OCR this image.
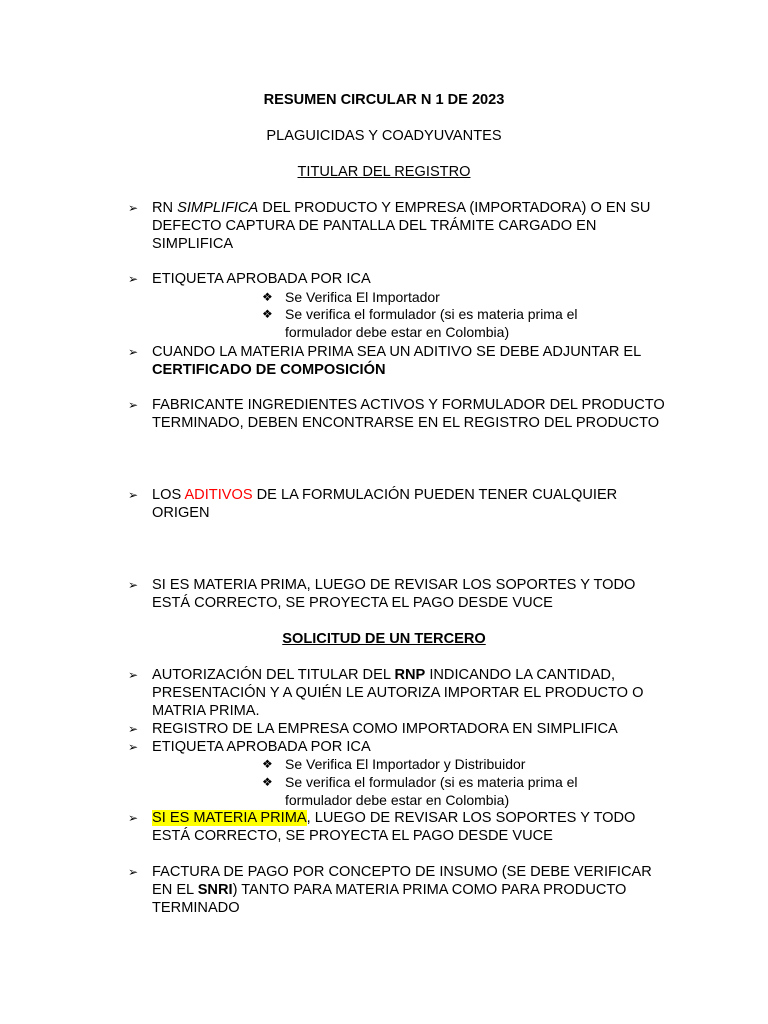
RESUMEN CIRCULAR N 1 DE 2023
PLAGUICIDAS Y COADYUVANTES
TITULAR DEL REGISTRO
➢ RN SIMPLIFICA DEL PRODUCTO Y EMPRESA (IMPORTADORA) O EN SU DEFECTO CAPTURA DE PANTALLA DEL TRÁMITE CARGADO EN SIMPLIFICA
➢ ETIQUETA APROBADA POR ICA
❖ Se Verifica El Importador
❖ Se verifica el formulador (si es materia prima el formulador debe estar en Colombia)
➢ CUANDO LA MATERIA PRIMA SEA UN ADITIVO SE DEBE ADJUNTAR EL CERTIFICADO DE COMPOSICIÓN
➢ FABRICANTE INGREDIENTES ACTIVOS Y FORMULADOR DEL PRODUCTO TERMINADO, DEBEN ENCONTRARSE EN EL REGISTRO DEL PRODUCTO
➢ LOS ADITIVOS DE LA FORMULACIÓN PUEDEN TENER CUALQUIER ORIGEN
➢ SI ES MATERIA PRIMA, LUEGO DE REVISAR LOS SOPORTES Y TODO ESTÁ CORRECTO, SE PROYECTA EL PAGO DESDE VUCE
SOLICITUD DE UN TERCERO
➢ AUTORIZACIÓN DEL TITULAR DEL RNP INDICANDO LA CANTIDAD, PRESENTACIÓN Y A QUIÉN LE AUTORIZA IMPORTAR EL PRODUCTO O MATRIA PRIMA.
➢ REGISTRO DE LA EMPRESA COMO IMPORTADORA EN SIMPLIFICA
➢ ETIQUETA APROBADA POR ICA
❖ Se Verifica El Importador y Distribuidor
❖ Se verifica el formulador (si es materia prima el formulador debe estar en Colombia)
➢ SI ES MATERIA PRIMA, LUEGO DE REVISAR LOS SOPORTES Y TODO ESTÁ CORRECTO, SE PROYECTA EL PAGO DESDE VUCE
➢ FACTURA DE PAGO POR CONCEPTO DE INSUMO (SE DEBE VERIFICAR EN EL SNRI) TANTO PARA MATERIA PRIMA COMO PARA PRODUCTO TERMINADO
